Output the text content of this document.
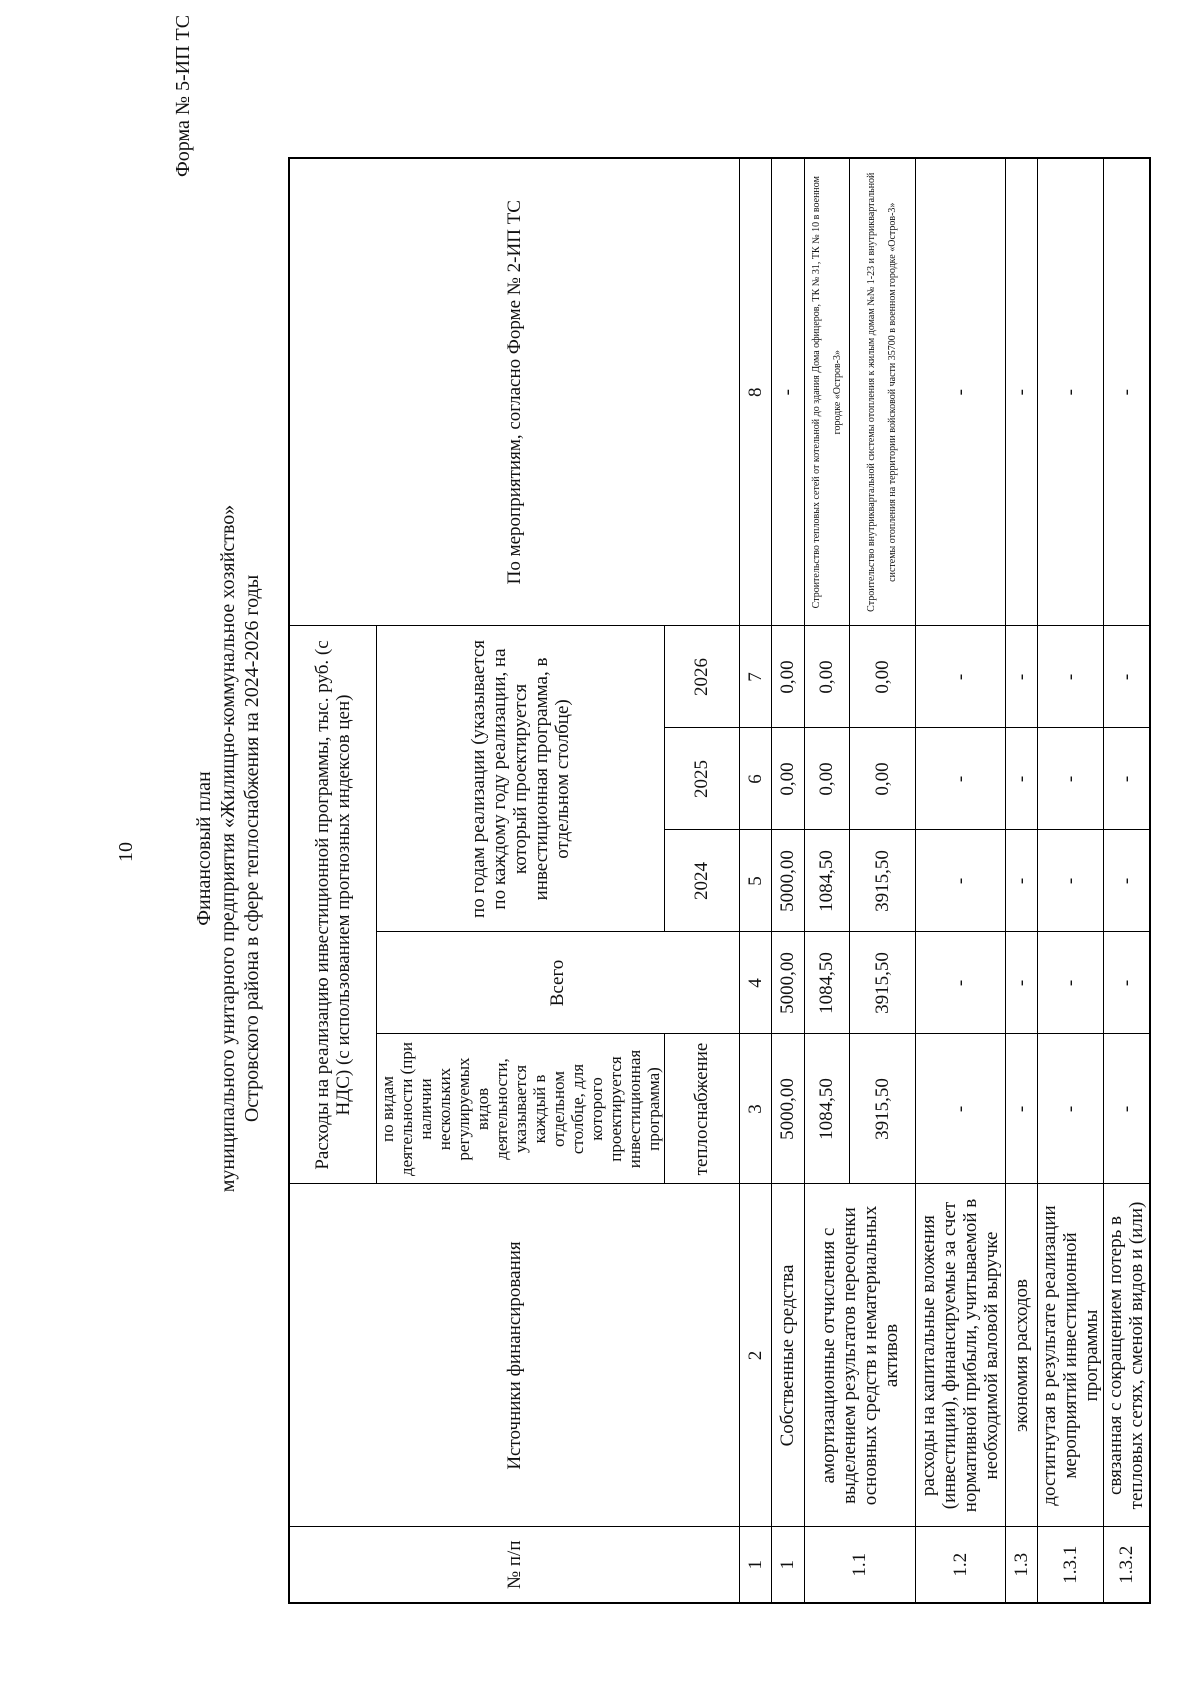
10
Форма № 5-ИП ТС
Финансовый план муниципального унитарного предприятия «Жилищно-коммунальное хозяйство» Островского района в сфере теплоснабжения на 2024-2026 годы
№ п/п	Источники финансирования	Расходы на реализацию инвестиционной программы, тыс. руб. (с НДС) (с использованием прогнозных индексов цен)					По мероприятиям, согласно Форме № 2-ИП ТС
		по видам деятельности (при наличии нескольких регулируемых видов деятельности, указывается каждый в отдельном столбце, для которого проектируется инвестиционная программа)	Всего	по годам реализации (указывается по каждому году реализации, на который проектируется инвестиционная программа, в отдельном столбце)			
		теплоснабжение		2024	2025	2026	
1	2	3	4	5	6	7	8
1	Собственные средства	5000,00	5000,00	5000,00	0,00	0,00	-
1.1	амортизационные отчисления с выделением результатов переоценки основных средств и нематериальных активов	1084,50	1084,50	1084,50	0,00	0,00	Строительство тепловых сетей от котельной до здания Дома офицеров, ТК № 31, ТК № 10 в военном городке «Остров-3»
		3915,50	3915,50	3915,50	0,00	0,00	Строительство внутриквартальной системы отопления к жилым домам №№ 1-23 и внутриквартальной системы отопления на территории войсковой части 35700 в военном городке «Остров-3»
1.2	расходы на капитальные вложения (инвестиции), финансируемые за счет нормативной прибыли, учитываемой в необходимой валовой выручке	-	-	-	-	-	-
1.3	экономия расходов	-	-	-	-	-	-
1.3.1	достигнутая в результате реализации мероприятий инвестиционной программы	-	-	-	-	-	-
1.3.2	связанная с сокращением потерь в тепловых сетях, сменой видов и (или)	-	-	-	-	-	-
